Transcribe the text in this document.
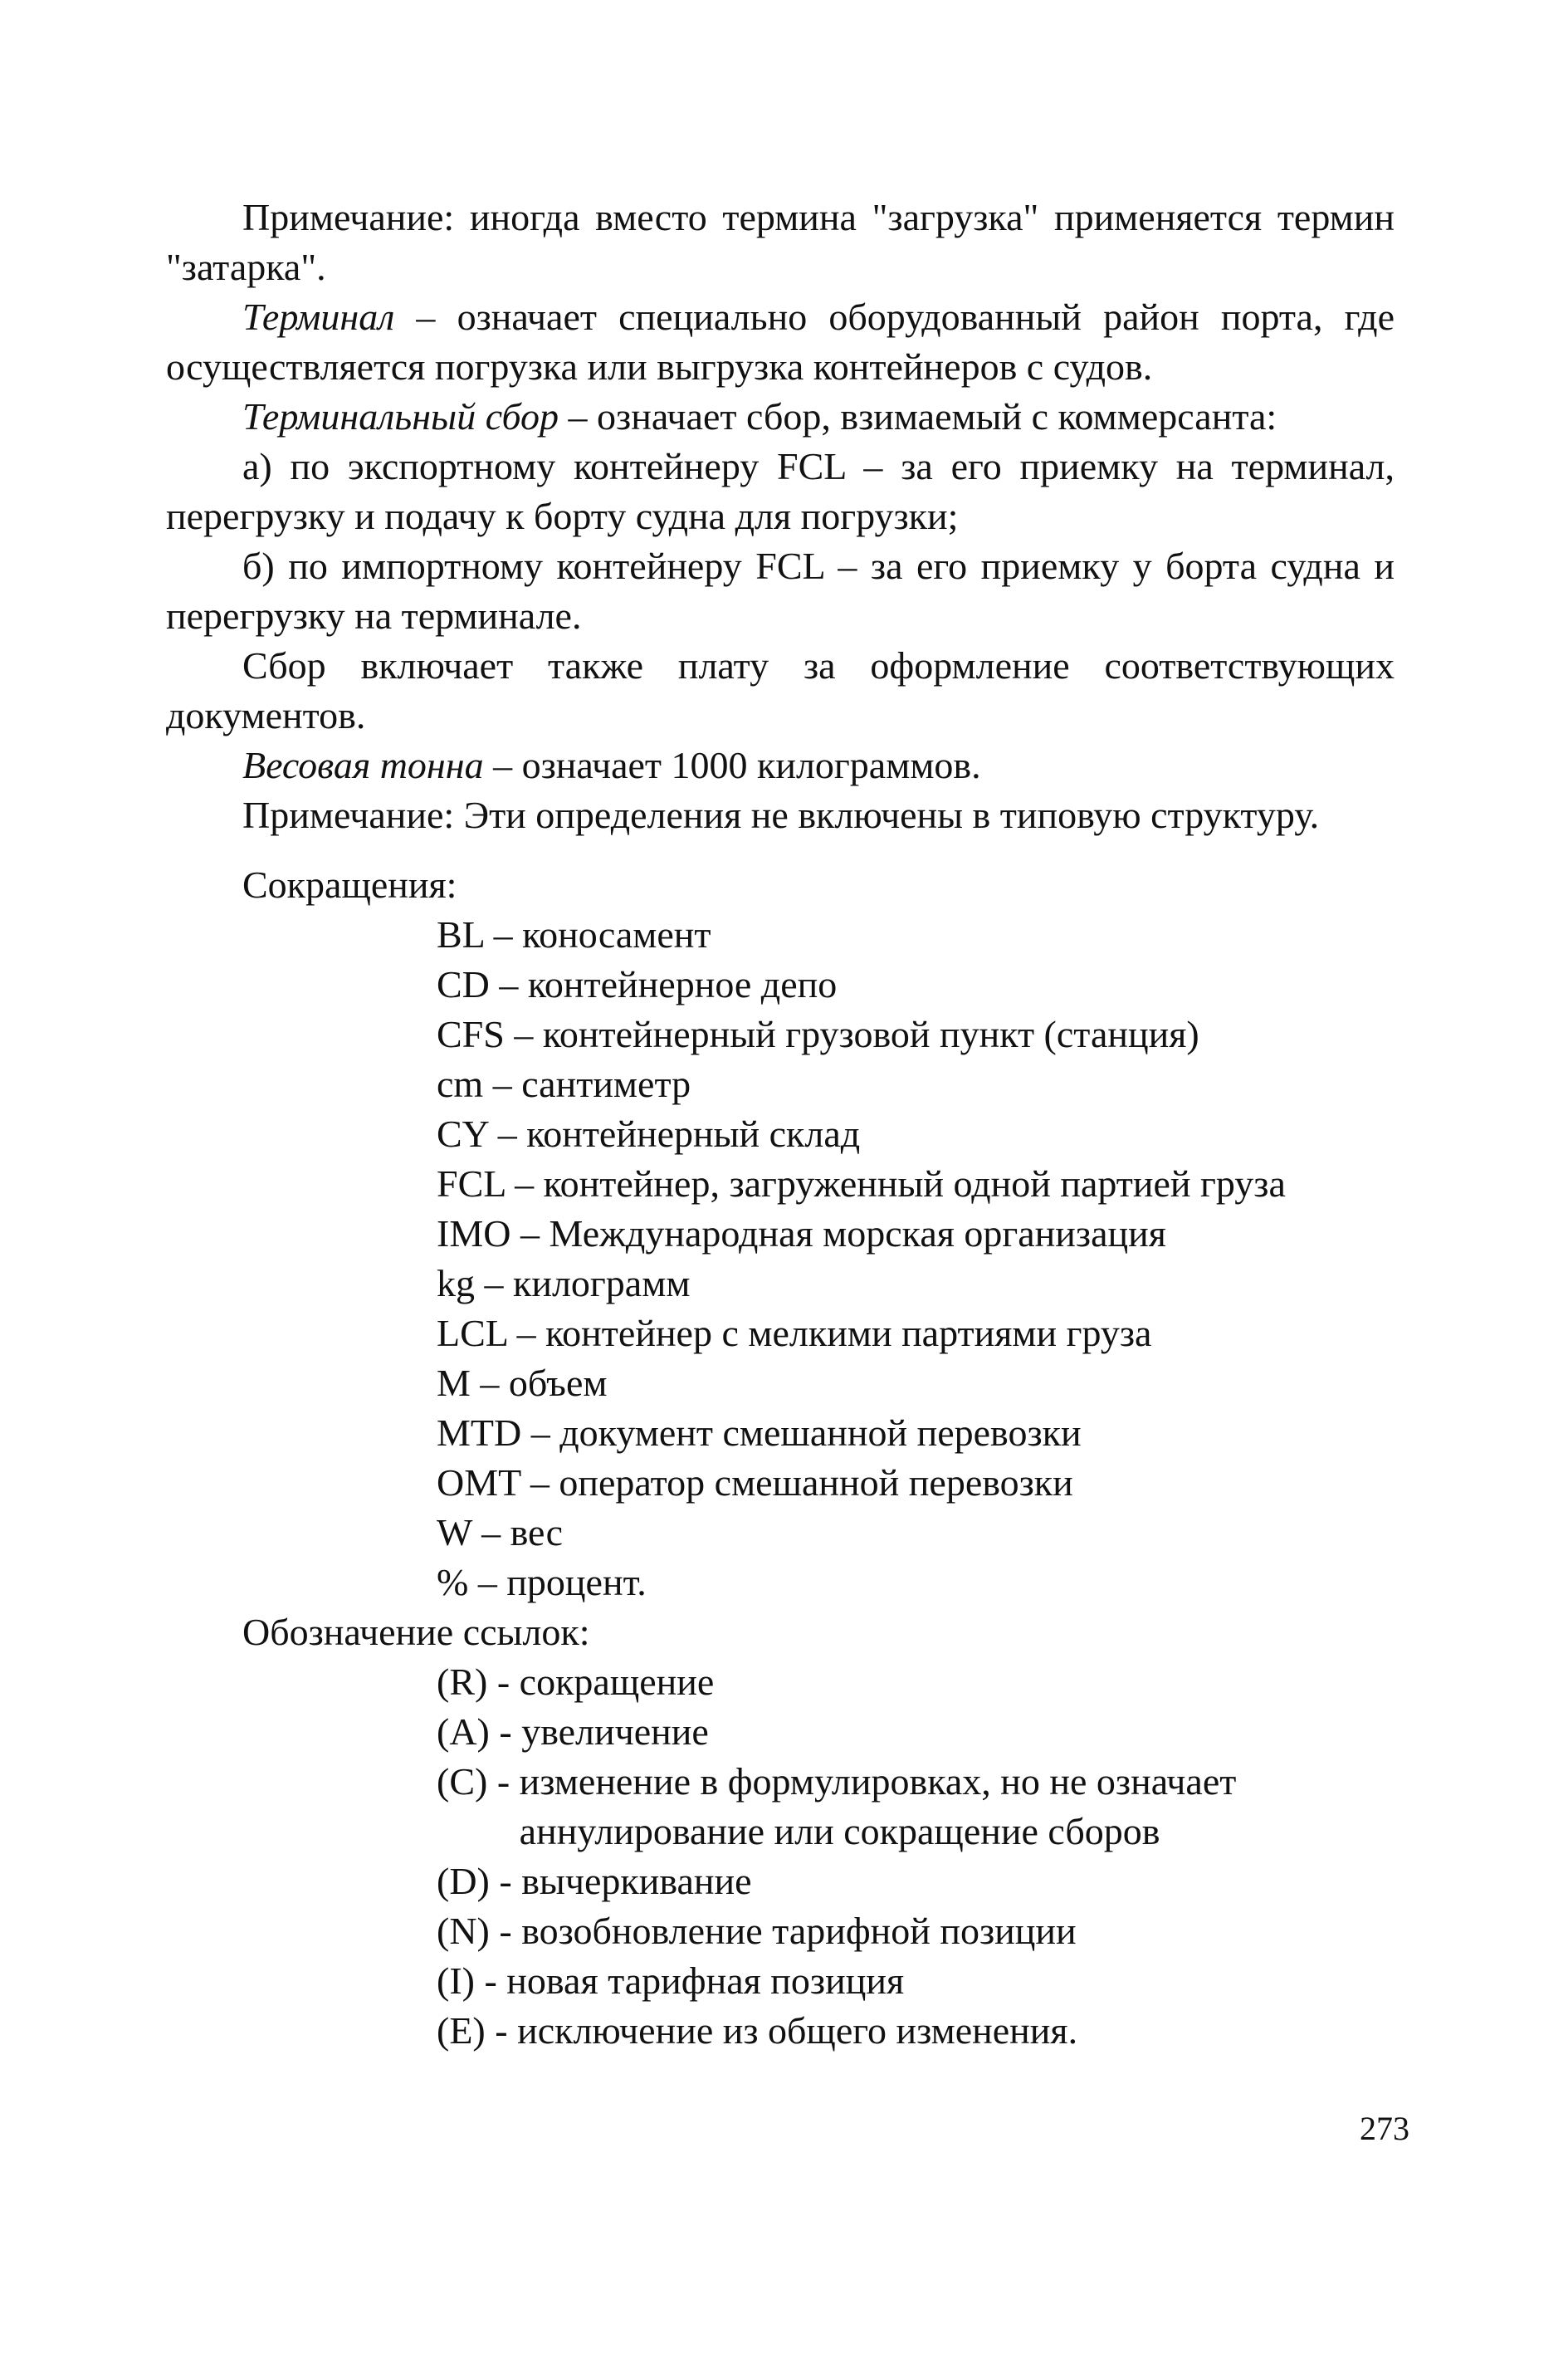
Примечание: иногда вместо термина "загрузка" применяется термин "затарка".

Терминал – означает специально оборудованный район порта, где осуществляется погрузка или выгрузка контейнеров с судов.

Терминальный сбор – означает сбор, взимаемый с коммерсанта:

а) по экспортному контейнеру FCL – за его приемку на терминал, перегрузку и подачу к борту судна для погрузки;

б) по импортному контейнеру FCL – за его приемку у борта судна и перегрузку на терминале.

Сбор включает также плату за оформление соответствующих документов.

Весовая тонна – означает 1000 килограммов.

Примечание: Эти определения не включены в типовую структуру.

Сокращения:

BL – коносамент
CD – контейнерное депо
CFS – контейнерный грузовой пункт (станция)
cm – сантиметр
CY – контейнерный склад
FCL – контейнер, загруженный одной партией груза
IMO – Международная морская организация
kg – килограмм
LCL – контейнер с мелкими партиями груза
M – объем
MTD – документ смешанной перевозки
OMT – оператор смешанной перевозки
W – вес
% – процент.

Обозначение ссылок:

(R) - сокращение
(A) - увеличение
(C) - изменение в формулировках, но не означает аннулирование или сокращение сборов
(D) - вычеркивание
(N) - возобновление тарифной позиции
(I) - новая тарифная позиция
(E) - исключение из общего изменения.
273
